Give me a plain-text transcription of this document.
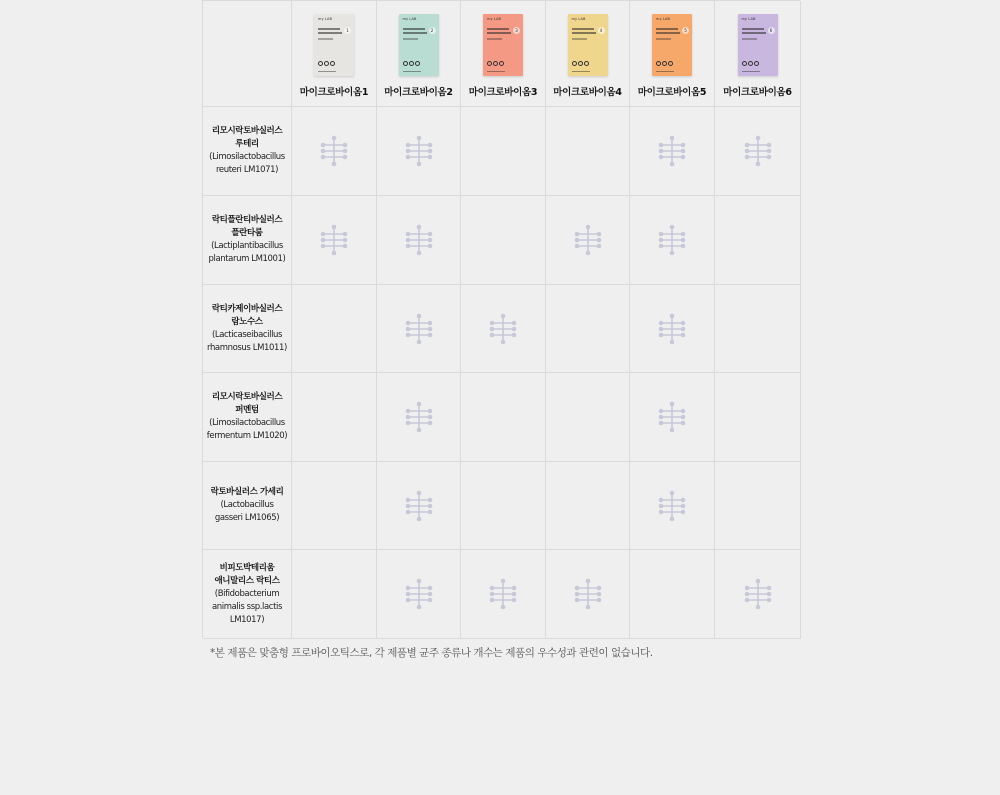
my LAB
1
마이크로바이옴1
my LAB
2
마이크로바이옴2
my LAB
3
마이크로바이옴3
my LAB
4
마이크로바이옴4
my LAB
5
마이크로바이옴5
my LAB
6
마이크로바이옴6
리모시락토바실러스
루테리
(Limosilactobacillus
reuteri LM1071)
락티플란티바실러스
플란타룸
(Lactiplantibacillus
plantarum LM1001)
락티카제이바실러스
람노수스
(Lacticaseibacillus
rhamnosus LM1011)
리모시락토바실러스
퍼멘텀
(Limosilactobacillus
fermentum LM1020)
락토바실러스 가세리
(Lactobacillus
gasseri LM1065)
비피도박테리움
애니말리스 락티스
(Bifidobacterium
animalis ssp.lactis
LM1017)
*본 제품은 맞춤형 프로바이오틱스로, 각 제품별 균주 종류나 개수는 제품의 우수성과 관련이 없습니다.
